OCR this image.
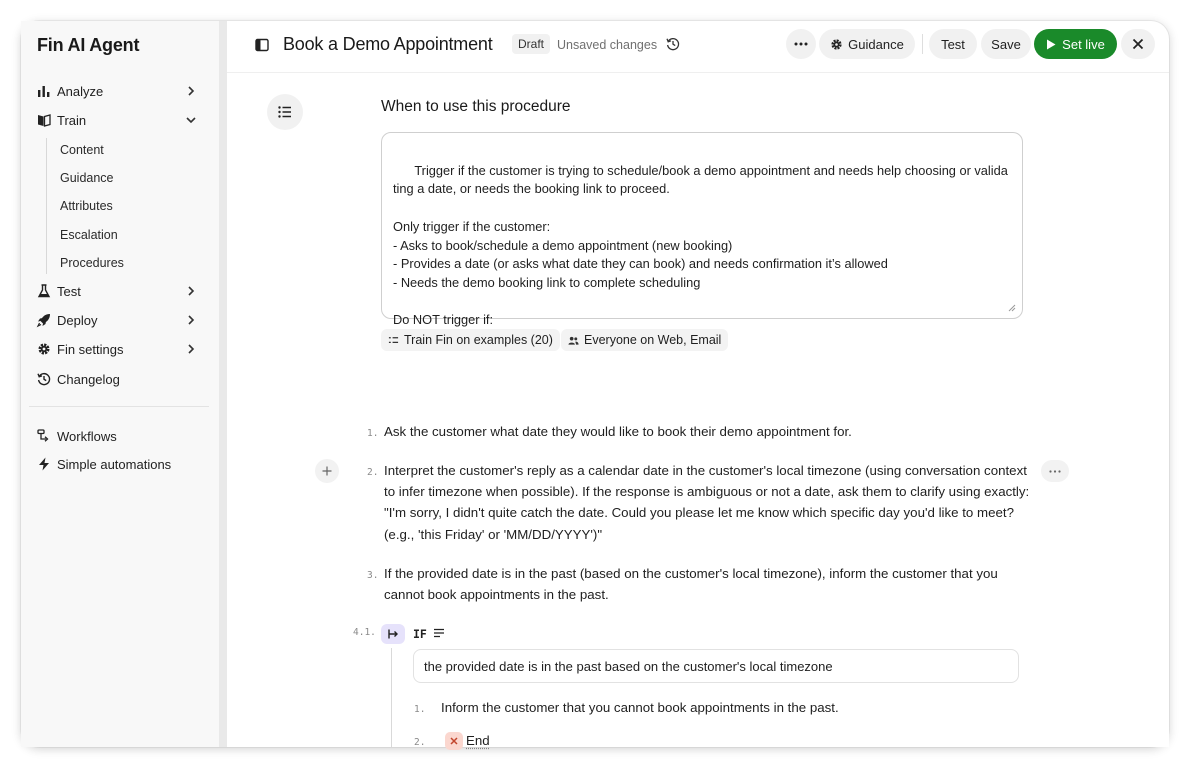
Fin AI Agent
Analyze
Train
Content
Guidance
Attributes
Escalation
Procedures
Test
Deploy
Fin settings
Changelog
Workflows
Simple automations
Book a Demo Appointment	Draft	Unsaved changes	Guidance	Test	Save	Set live
When to use this procedure

Trigger if the customer is trying to schedule/book a demo appointment and needs help choosing or valida
ting a date, or needs the booking link to proceed.

Only trigger if the customer:
- Asks to book/schedule a demo appointment (new booking)
- Provides a date (or asks what date they can book) and needs confirmation it’s allowed
- Needs the demo booking link to complete scheduling

Do NOT trigger if:

Train Fin on examples (20) Everyone on Web, Email
1. Ask the customer what date they would like to book their demo appointment for.
2. Interpret the customer's reply as a calendar date in the customer's local timezone (using conversation context to infer timezone when possible). If the response is ambiguous or not a date, ask them to clarify using exactly: "I'm sorry, I didn't quite catch the date. Could you please let me know which specific day you'd like to meet? (e.g., 'this Friday' or 'MM/DD/YYYY')"
3. If the provided date is in the past (based on the customer's local timezone), inform the customer that you cannot book appointments in the past.
4.1.	IF
the provided date is in the past based on the customer's local timezone
1. Inform the customer that you cannot book appointments in the past.
2.	End
